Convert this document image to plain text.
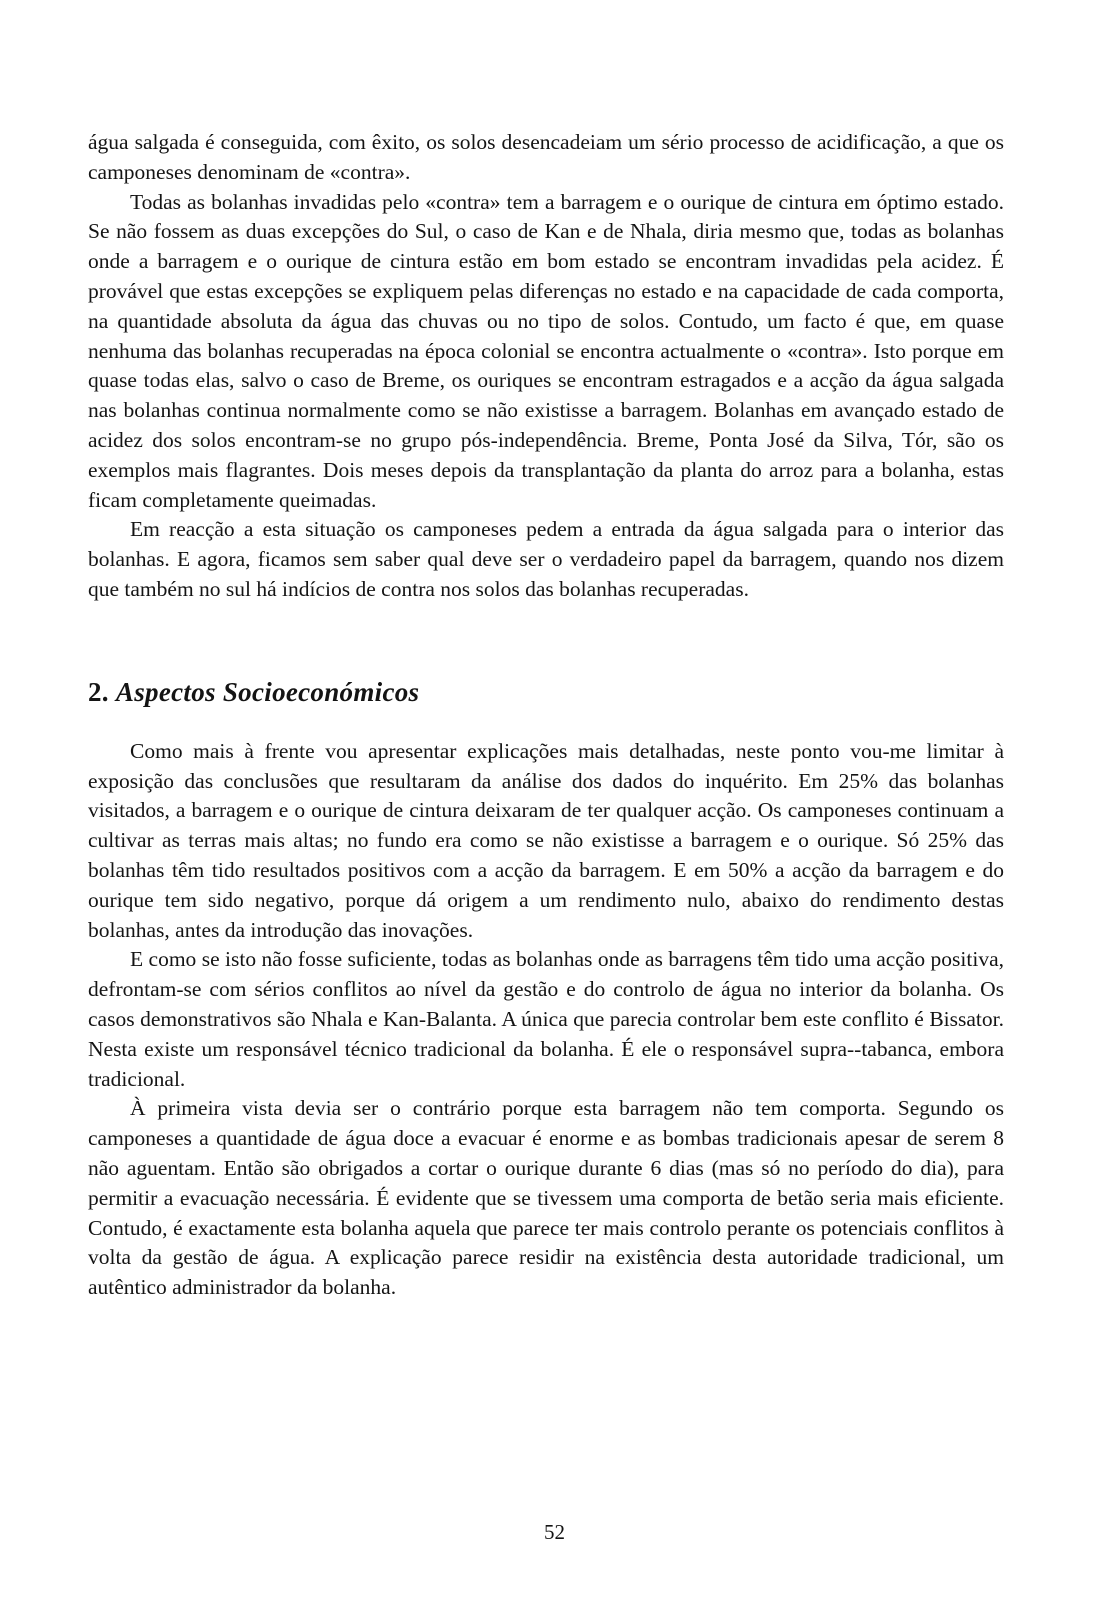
água salgada é conseguida, com êxito, os solos desencadeiam um sério processo de acidificação, a que os camponeses denominam de «contra».

Todas as bolanhas invadidas pelo «contra» tem a barragem e o ourique de cintura em óptimo estado. Se não fossem as duas excepções do Sul, o caso de Kan e de Nhala, diria mesmo que, todas as bolanhas onde a barragem e o ourique de cintura estão em bom estado se encontram invadidas pela acidez. É provável que estas excepções se expliquem pelas diferenças no estado e na capacidade de cada comporta, na quantidade absoluta da água das chuvas ou no tipo de solos. Contudo, um facto é que, em quase nenhuma das bolanhas recuperadas na época colonial se encontra actualmente o «contra». Isto porque em quase todas elas, salvo o caso de Breme, os ouriques se encontram estragados e a acção da água salgada nas bolanhas continua normalmente como se não existisse a barragem. Bolanhas em avançado estado de acidez dos solos encontram-se no grupo pós-independência. Breme, Ponta José da Silva, Tór, são os exemplos mais flagrantes. Dois meses depois da transplantação da planta do arroz para a bolanha, estas ficam completamente queimadas.

Em reacção a esta situação os camponeses pedem a entrada da água salgada para o interior das bolanhas. E agora, ficamos sem saber qual deve ser o verdadeiro papel da barragem, quando nos dizem que também no sul há indícios de contra nos solos das bolanhas recuperadas.

2. Aspectos Socioeconómicos

Como mais à frente vou apresentar explicações mais detalhadas, neste ponto vou-me limitar à exposição das conclusões que resultaram da análise dos dados do inquérito. Em 25% das bolanhas visitados, a barragem e o ourique de cintura deixaram de ter qualquer acção. Os camponeses continuam a cultivar as terras mais altas; no fundo era como se não existisse a barragem e o ourique. Só 25% das bolanhas têm tido resultados positivos com a acção da barragem. E em 50% a acção da barragem e do ourique tem sido negativo, porque dá origem a um rendimento nulo, abaixo do rendimento destas bolanhas, antes da introdução das inovações.

E como se isto não fosse suficiente, todas as bolanhas onde as barragens têm tido uma acção positiva, defrontam-se com sérios conflitos ao nível da gestão e do controlo de água no interior da bolanha. Os casos demonstrativos são Nhala e Kan-Balanta. A única que parecia controlar bem este conflito é Bissator. Nesta existe um responsável técnico tradicional da bolanha. É ele o responsável supra--tabanca, embora tradicional.

À primeira vista devia ser o contrário porque esta barragem não tem comporta. Segundo os camponeses a quantidade de água doce a evacuar é enorme e as bombas tradicionais apesar de serem 8 não aguentam. Então são obrigados a cortar o ourique durante 6 dias (mas só no período do dia), para permitir a evacuação necessária. É evidente que se tivessem uma comporta de betão seria mais eficiente. Contudo, é exactamente esta bolanha aquela que parece ter mais controlo perante os potenciais conflitos à volta da gestão de água. A explicação parece residir na existência desta autoridade tradicional, um autêntico administrador da bolanha.

52
